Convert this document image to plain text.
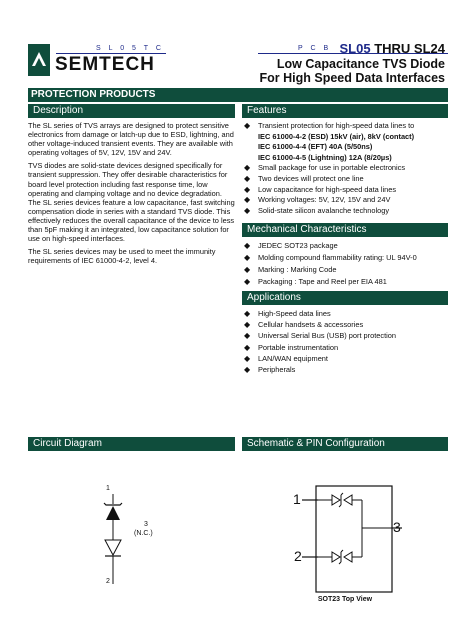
SEMTECH
S L 0 5 T C	P C B SL05 THRU SL24
Low Capacitance TVS Diode
For High Speed Data Interfaces
PROTECTION PRODUCTS
Description

The SL series of TVS arrays are designed to protect sensitive electronics from damage or latch-up due to ESD, lightning, and other voltage-induced transient events. They are available with operating voltages of 5V, 12V, 15V and 24V.

TVS diodes are solid-state devices designed specifically for transient suppression. They offer desirable characteristics for board level protection including fast response time, low operating and clamping voltage and no device degradation. The SL series devices feature a low capacitance, fast switching compensation diode in series with a standard TVS diode. This effectively reduces the overall capacitance of the device to less than 5pF making it an integrated, low capacitance solution for use on high-speed interfaces.

The SL series devices may be used to meet the immunity requirements of IEC 61000-4-2, level 4.

Features
◆ Transient protection for high-speed data lines to
IEC 61000-4-2 (ESD) 15kV (air), 8kV (contact)
IEC 61000-4-4 (EFT) 40A (5/50ns)
IEC 61000-4-5 (Lightning) 12A (8/20µs)
◆ Small package for use in portable electronics
◆ Two devices will protect one line
◆ Low capacitance for high-speed data lines
◆ Working voltages: 5V, 12V, 15V and 24V
◆ Solid-state silicon avalanche technology
Mechanical Characteristics
◆ JEDEC SOT23 package
◆ Molding compound flammability rating: UL 94V-0
◆ Marking : Marking Code
◆ Packaging : Tape and Reel per EIA 481
Applications
◆ High-Speed data lines
◆ Cellular handsets & accessories
◆ Universal Serial Bus (USB) port protection
◆ Portable instrumentation
◆ LAN/WAN equipment
◆ Peripherals
Circuit Diagram
1
3
(N.C.)
2
Schematic & PIN Configuration
1
2
3
SOT23 Top View
